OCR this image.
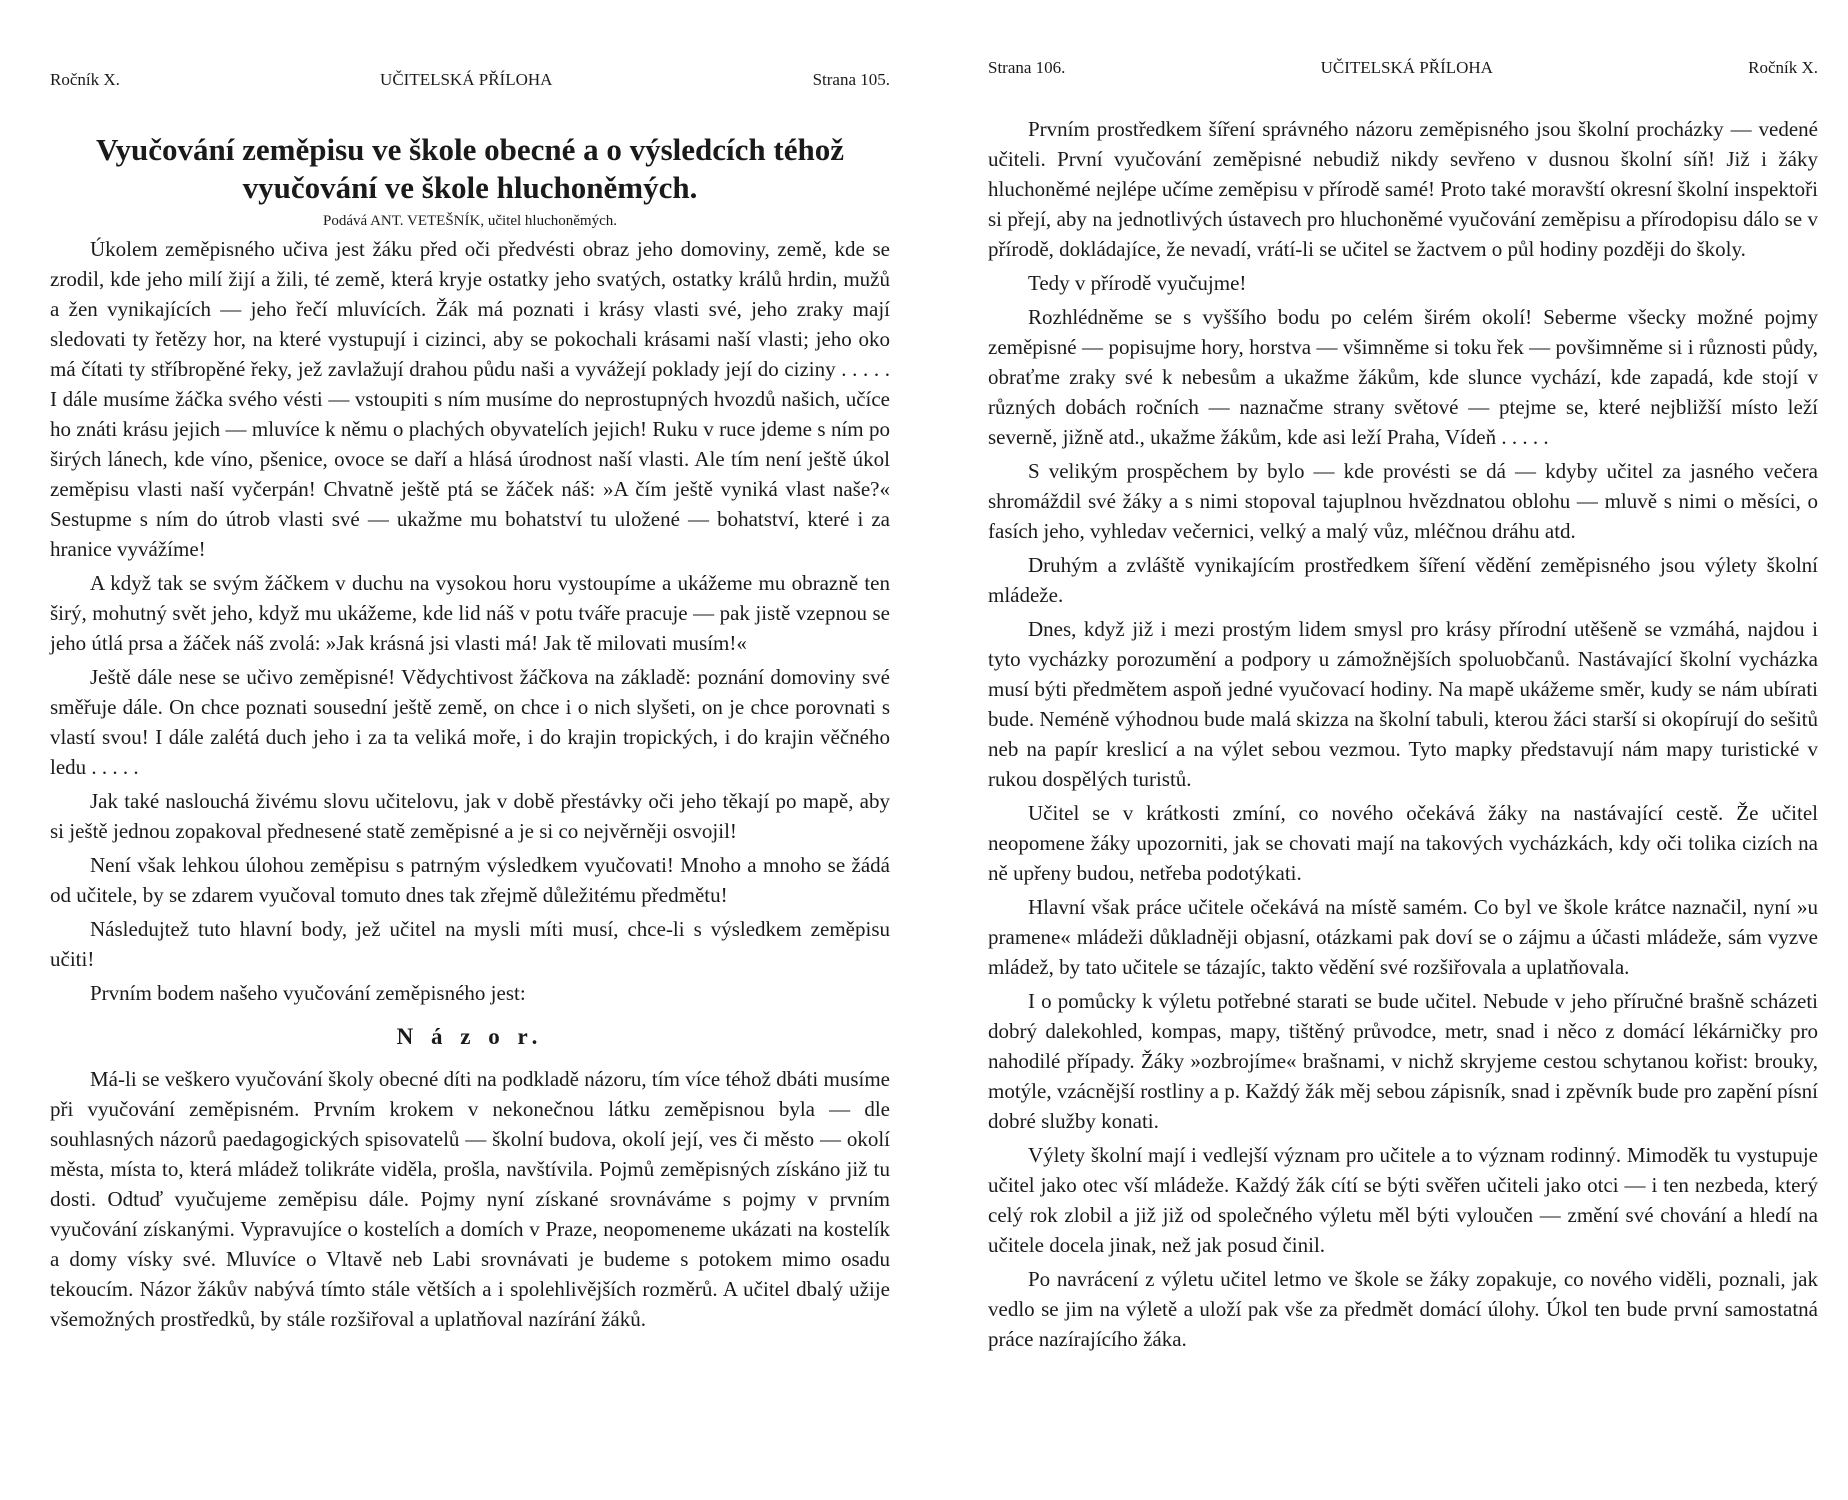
Ročník X.	UČITELSKÁ PŘÍLOHA	Strana 105.
Vyučování zeměpisu ve škole obecné a o výsledcích téhož vyučování ve škole hluchoněmých.
Podává ANT. VETEŠNÍK, učitel hluchoněmých.

Úkolem zeměpisného učiva jest žáku před oči předvésti obraz jeho domoviny, země, kde se zrodil, kde jeho milí žijí a žili, té země, která kryje ostatky jeho svatých, ostatky králů hrdin, mužů a žen vynikajících — jeho řečí mluvících. Žák má poznati i krásy vlasti své, jeho zraky mají sledovati ty řetězy hor, na které vystupují i cizinci, aby se pokochali krásami naší vlasti; jeho oko má čítati ty stříbropěné řeky, jež zavlažují drahou půdu naši a vyvážejí poklady její do ciziny . . . . . I dále musíme žáčka svého vésti — vstoupiti s ním musíme do neprostupných hvozdů našich, učíce ho znáti krásu jejich — mluvíce k němu o plachých obyvatelích jejich! Ruku v ruce jdeme s ním po širých lánech, kde víno, pšenice, ovoce se daří a hlásá úrodnost naší vlasti. Ale tím není ještě úkol zeměpisu vlasti naší vyčerpán! Chvatně ještě ptá se žáček náš: »A čím ještě vyniká vlast naše?« Sestupme s ním do útrob vlasti své — ukažme mu bohatství tu uložené — bohatství, které i za hranice vyvážíme!

A když tak se svým žáčkem v duchu na vysokou horu vystoupíme a ukážeme mu obrazně ten širý, mohutný svět jeho, když mu ukážeme, kde lid náš v potu tváře pracuje — pak jistě vzepnou se jeho útlá prsa a žáček náš zvolá: »Jak krásná jsi vlasti má! Jak tě milovati musím!«

Ještě dále nese se učivo zeměpisné! Vědychtivost žáčkova na základě: poznání domoviny své směřuje dále. On chce poznati sousední ještě země, on chce i o nich slyšeti, on je chce porovnati s vlastí svou! I dále zalétá duch jeho i za ta veliká moře, i do krajin tropických, i do krajin věčného ledu . . . . .

Jak také naslouchá živému slovu učitelovu, jak v době přestávky oči jeho těkají po mapě, aby si ještě jednou zopakoval přednesené statě zeměpisné a je si co nejvěrněji osvojil!

Není však lehkou úlohou zeměpisu s patrným výsledkem vyučovati! Mnoho a mnoho se žádá od učitele, by se zdarem vyučoval tomuto dnes tak zřejmě důležitému předmětu!

Následujtež tuto hlavní body, jež učitel na mysli míti musí, chce-li s výsledkem zeměpisu učiti!

Prvním bodem našeho vyučování zeměpisného jest:

N á z o r.

Má-li se veškero vyučování školy obecné díti na podkladě názoru, tím více téhož dbáti musíme při vyučování zeměpisném. Prvním krokem v nekonečnou látku zeměpisnou byla — dle souhlasných názorů paedagogických spisovatelů — školní budova, okolí její, ves či město — okolí města, místa to, která mládež tolikráte viděla, prošla, navštívila. Pojmů zeměpisných získáno již tu dosti. Odtuď vyučujeme zeměpisu dále. Pojmy nyní získané srovnáváme s pojmy v prvním vyučování získanými. Vypravujíce o kostelích a domích v Praze, neopomeneme ukázati na kostelík a domy vísky své. Mluvíce o Vltavě neb Labi srovnávati je budeme s potokem mimo osadu tekoucím. Názor žákův nabývá tímto stále větších a i spolehlivějších rozměrů. A učitel dbalý užije všemožných prostředků, by stále rozšiřoval a uplatňoval nazírání žáků.

Strana 106.	UČITELSKÁ PŘÍLOHA	Ročník X.

Prvním prostředkem šíření správného názoru zeměpisného jsou školní procházky — vedené učiteli. První vyučování zeměpisné nebudiž nikdy sevřeno v dusnou školní síň! Již i žáky hluchoněmé nejlépe učíme zeměpisu v přírodě samé! Proto také moravští okresní školní inspektoři si přejí, aby na jednotlivých ústavech pro hluchoněmé vyučování zeměpisu a přírodopisu dálo se v přírodě, dokládajíce, že nevadí, vrátí-li se učitel se žactvem o půl hodiny později do školy.

Tedy v přírodě vyučujme!

Rozhlédněme se s vyššího bodu po celém širém okolí! Seberme všecky možné pojmy zeměpisné — popisujme hory, horstva — všimněme si toku řek — povšimněme si i různosti půdy, obraťme zraky své k nebesům a ukažme žákům, kde slunce vychází, kde zapadá, kde stojí v různých dobách ročních — naznačme strany světové — ptejme se, které nejbližší místo leží severně, jižně atd., ukažme žákům, kde asi leží Praha, Vídeň . . . . .

S velikým prospěchem by bylo — kde provésti se dá — kdyby učitel za jasného večera shromáždil své žáky a s nimi stopoval tajuplnou hvězdnatou oblohu — mluvě s nimi o měsíci, o fasích jeho, vyhledav večernici, velký a malý vůz, mléčnou dráhu atd.

Druhým a zvláště vynikajícím prostředkem šíření vědění zeměpisného jsou výlety školní mládeže.

Dnes, když již i mezi prostým lidem smysl pro krásy přírodní utěšeně se vzmáhá, najdou i tyto vycházky porozumění a podpory u zámožnějších spoluobčanů. Nastávající školní vycházka musí býti předmětem aspoň jedné vyučovací hodiny. Na mapě ukážeme směr, kudy se nám ubírati bude. Neméně výhodnou bude malá skizza na školní tabuli, kterou žáci starší si okopírují do sešitů neb na papír kreslicí a na výlet sebou vezmou. Tyto mapky představují nám mapy turistické v rukou dospělých turistů.

Učitel se v krátkosti zmíní, co nového očekává žáky na nastávající cestě. Že učitel neopomene žáky upozorniti, jak se chovati mají na takových vycházkách, kdy oči tolika cizích na ně upřeny budou, netřeba podotýkati.

Hlavní však práce učitele očekává na místě samém. Co byl ve škole krátce naznačil, nyní »u pramene« mládeži důkladněji objasní, otázkami pak doví se o zájmu a účasti mládeže, sám vyzve mládež, by tato učitele se tázajíc, takto vědění své rozšiřovala a uplatňovala.

I o pomůcky k výletu potřebné starati se bude učitel. Nebude v jeho příručné brašně scházeti dobrý dalekohled, kompas, mapy, tištěný průvodce, metr, snad i něco z domácí lékárničky pro nahodilé případy. Žáky »ozbrojíme« brašnami, v nichž skryjeme cestou schytanou kořist: brouky, motýle, vzácnější rostliny a p. Každý žák měj sebou zápisník, snad i zpěvník bude pro zapění písní dobré služby konati.

Výlety školní mají i vedlejší význam pro učitele a to význam rodinný. Mimoděk tu vystupuje učitel jako otec vší mládeže. Každý žák cítí se býti svěřen učiteli jako otci — i ten nezbeda, který celý rok zlobil a již již od společného výletu měl býti vyloučen — změní své chování a hledí na učitele docela jinak, než jak posud činil.

Po navrácení z výletu učitel letmo ve škole se žáky zopakuje, co nového viděli, poznali, jak vedlo se jim na výletě a uloží pak vše za předmět domácí úlohy. Úkol ten bude první samostatná práce nazírajícího žáka.
